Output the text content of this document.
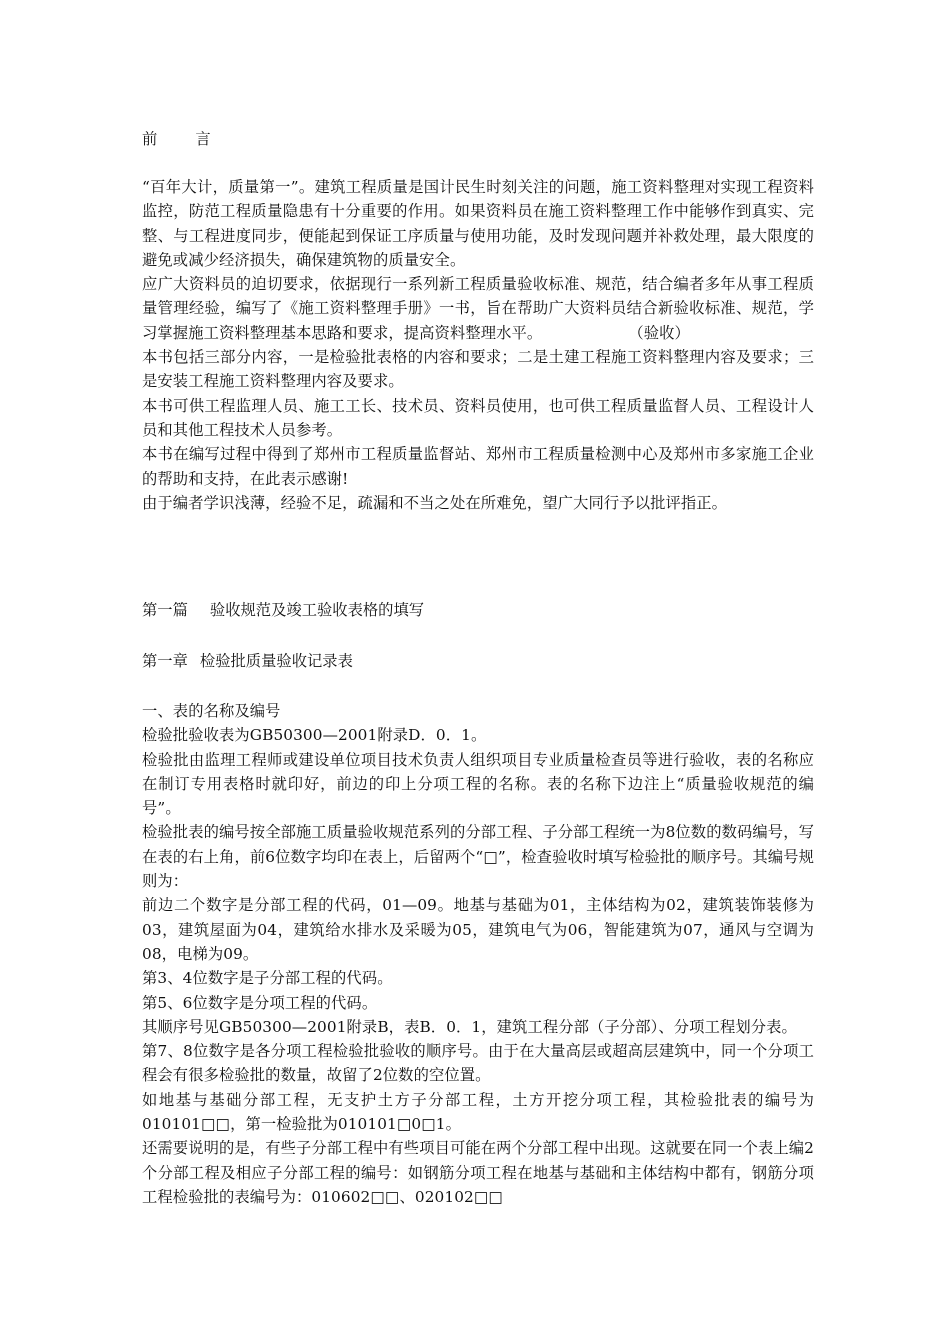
前 言

“百年大计，质量第一”。建筑工程质量是国计民生时刻关注的问题，施工资料整理对实现工程资料监控，防范工程质量隐患有十分重要的作用。如果资料员在施工资料整理工作中能够作到真实、完整、与工程进度同步，便能起到保证工序质量与使用功能，及时发现问题并补救处理，最大限度的避免或减少经济损失，确保建筑物的质量安全。

应广大资料员的迫切要求，依据现行一系列新工程质量验收标准、规范，结合编者多年从事工程质量管理经验，编写了《施工资料整理手册》一书，旨在帮助广大资料员结合新验收标准、规范，学习掌握施工资料整理基本思路和要求，提高资料整理水平。	（验收）

本书包括三部分内容，一是检验批表格的内容和要求；二是土建工程施工资料整理内容及要求；三是安装工程施工资料整理内容及要求。

本书可供工程监理人员、施工工长、技术员、资料员使用，也可供工程质量监督人员、工程设计人员和其他工程技术人员参考。

本书在编写过程中得到了郑州市工程质量监督站、郑州市工程质量检测中心及郑州市多家施工企业的帮助和支持，在此表示感谢!

由于编者学识浅薄，经验不足，疏漏和不当之处在所难免，望广大同行予以批评指正。

第一篇 验收规范及竣工验收表格的填写
第一章 检验批质量验收记录表

一、表的名称及编号

检验批验收表为GB50300—2001附录D．0．1。

检验批由监理工程师或建设单位项目技术负责人组织项目专业质量检查员等进行验收，表的名称应在制订专用表格时就印好，前边的印上分项工程的名称。表的名称下边注上“质量验收规范的编号”。

检验批表的编号按全部施工质量验收规范系列的分部工程、子分部工程统一为8位数的数码编号，写在表的右上角，前6位数字均印在表上，后留两个“□”，检查验收时填写检验批的顺序号。其编号规则为：

前边二个数字是分部工程的代码，01—09。地基与基础为01，主体结构为02，建筑装饰装修为03，建筑屋面为04，建筑给水排水及采暖为05，建筑电气为06，智能建筑为07，通风与空调为08，电梯为09。

第3、4位数字是子分部工程的代码。

第5、6位数字是分项工程的代码。

其顺序号见GB50300—2001附录B，表B．0．1，建筑工程分部（子分部）、分项工程划分表。

第7、8位数字是各分项工程检验批验收的顺序号。由于在大量高层或超高层建筑中，同一个分项工程会有很多检验批的数量，故留了2位数的空位置。

如地基与基础分部工程，无支护土方子分部工程，土方开挖分项工程，其检验批表的编号为010101□□，第一检验批为010101□0□1。

还需要说明的是，有些子分部工程中有些项目可能在两个分部工程中出现。这就要在同一个表上编2个分部工程及相应子分部工程的编号：如钢筋分项工程在地基与基础和主体结构中都有，钢筋分项工程检验批的表编号为：010602□□、020102□□
